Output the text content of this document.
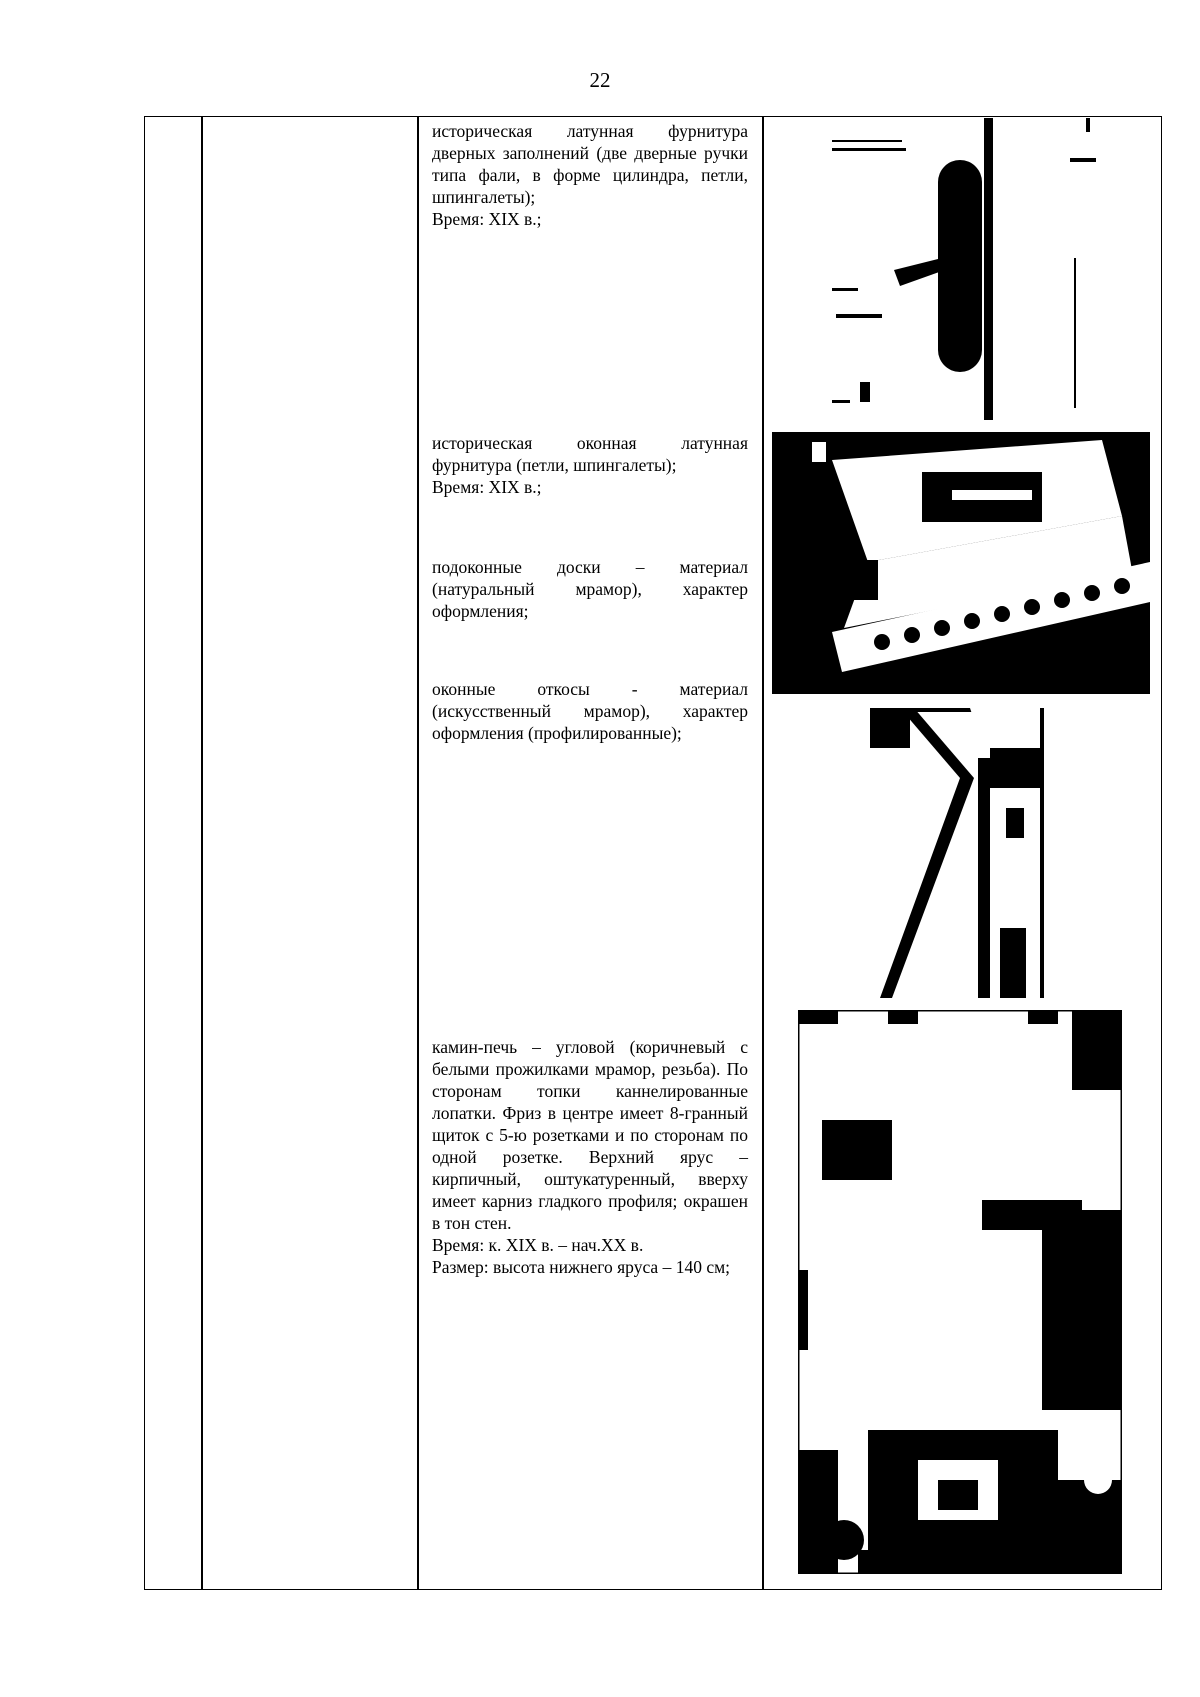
22

историческая латунная фурнитура дверных заполнений (две дверные ручки типа фали, в форме цилиндра, петли, шпингалеты);

Время: XIX в.;

историческая оконная латунная фурнитура (петли, шпингалеты);

Время: XIX в.;

подоконные доски – материал (натуральный мрамор), характер оформления;

оконные откосы - материал (искусственный мрамор), характер оформления (профилированные);

камин-печь – угловой (коричневый с белыми прожилками мрамор, резьба). По сторонам топки каннелированные лопатки. Фриз в центре имеет 8-гранный щиток с 5-ю розетками и по сторонам по одной розетке. Верхний ярус – кирпичный, оштукатуренный, вверху имеет карниз гладкого профиля; окрашен в тон стен.

Время: к. XIX в. – нач.XX в.

Размер: высота нижнего яруса – 140 см;
